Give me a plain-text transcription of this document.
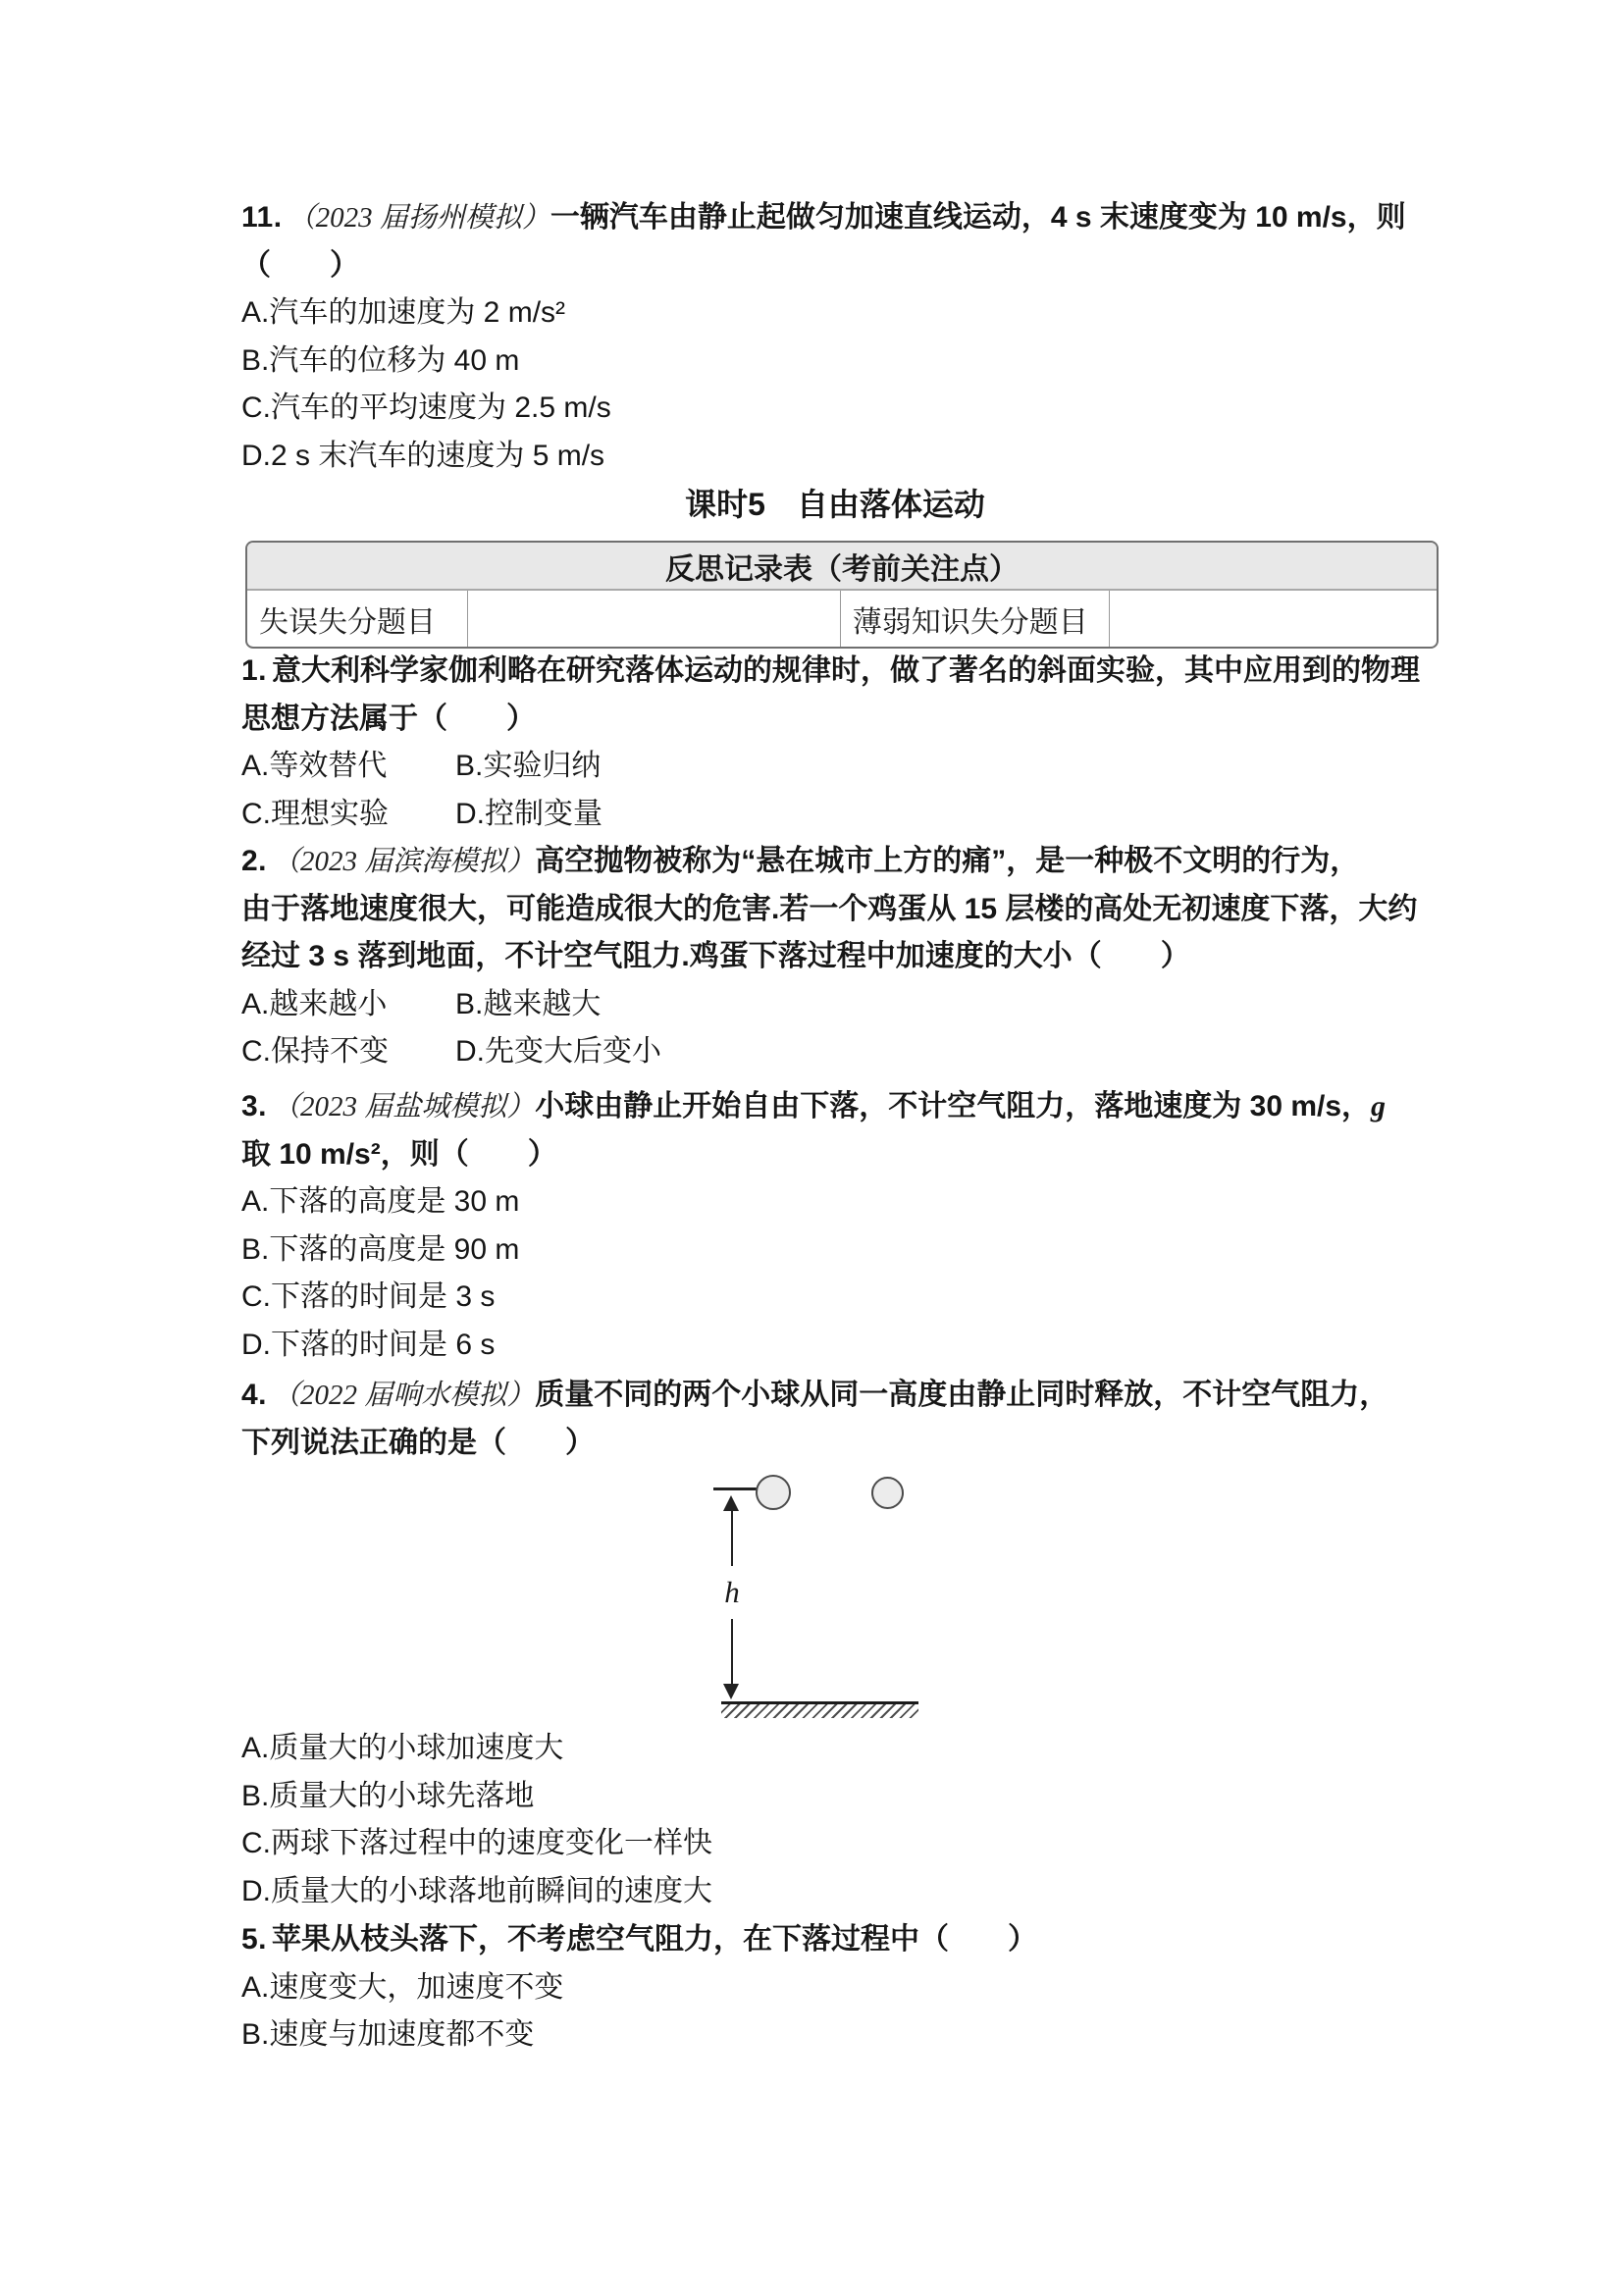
11. （2023 届扬州模拟）一辆汽车由静止起做匀加速直线运动，4 s 末速度变为 10 m/s，则
（　　）
A.汽车的加速度为 2 m/s²
B.汽车的位移为 40 m
C.汽车的平均速度为 2.5 m/s
D.2 s 末汽车的速度为 5 m/s
课时5　自由落体运动
反思记录表（考前关注点）
失误失分题目	薄弱知识失分题目
1. 意大利科学家伽利略在研究落体运动的规律时，做了著名的斜面实验，其中应用到的物理
思想方法属于（　　）
A.等效替代 B.实验归纳
C.理想实验 D.控制变量
2. （2023 届滨海模拟）高空抛物被称为“悬在城市上方的痛”，是一种极不文明的行为，
由于落地速度很大，可能造成很大的危害.若一个鸡蛋从 15 层楼的高处无初速度下落，大约
经过 3 s 落到地面，不计空气阻力.鸡蛋下落过程中加速度的大小（　　）
A.越来越小 B.越来越大
C.保持不变 D.先变大后变小
3. （2023 届盐城模拟）小球由静止开始自由下落，不计空气阻力，落地速度为 30 m/s，g
取 10 m/s²，则（　　）
A.下落的高度是 30 m
B.下落的高度是 90 m
C.下落的时间是 3 s
D.下落的时间是 6 s
4. （2022 届响水模拟）质量不同的两个小球从同一高度由静止同时释放，不计空气阻力，
下列说法正确的是（　　）
h
A.质量大的小球加速度大
B.质量大的小球先落地
C.两球下落过程中的速度变化一样快
D.质量大的小球落地前瞬间的速度大
5. 苹果从枝头落下，不考虑空气阻力，在下落过程中（　　）
A.速度变大，加速度不变
B.速度与加速度都不变
